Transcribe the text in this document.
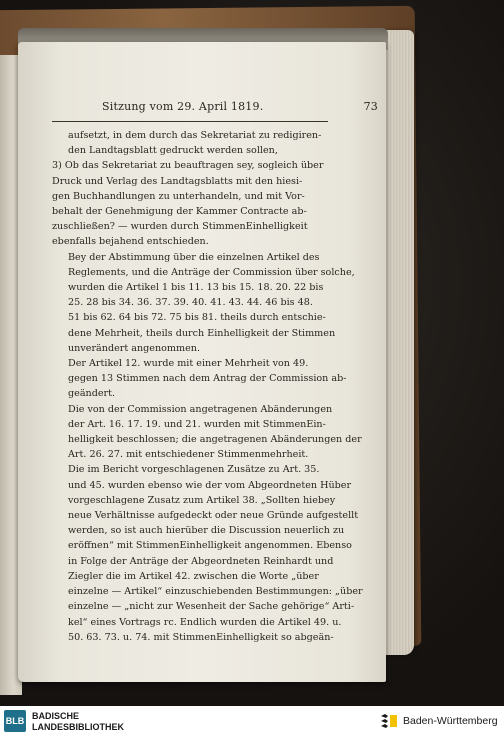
Sitzung vom 29. April 1819.	73

aufsetzt, in dem durch das Sekretariat zu redigiren-
den Landtagsblatt gedruckt werden sollen,

3) Ob das Sekretariat zu beauftragen sey, sogleich über
Druck und Verlag des Landtagsblatts mit den hiesi-
gen Buchhandlungen zu unterhandeln, und mit Vor-
behalt der Genehmigung der Kammer Contracte ab-
zuschließen? — wurden durch StimmenEinhelligkeit
ebenfalls bejahend entschieden.

Bey der Abstimmung über die einzelnen Artikel des
Reglements, und die Anträge der Commission über solche,
wurden die Artikel 1 bis 11. 13 bis 15. 18. 20. 22 bis
25. 28 bis 34. 36. 37. 39. 40. 41. 43. 44. 46 bis 48.
51 bis 62. 64 bis 72. 75 bis 81. theils durch entschie-
dene Mehrheit, theils durch Einhelligkeit der Stimmen
unverändert angenommen.

Der Artikel 12. wurde mit einer Mehrheit von 49.
gegen 13 Stimmen nach dem Antrag der Commission ab-
geändert.

Die von der Commission angetragenen Abänderungen
der Art. 16. 17. 19. und 21. wurden mit StimmenEin-
helligkeit beschlossen; die angetragenen Abänderungen der
Art. 26. 27. mit entschiedener Stimmenmehrheit.

Die im Bericht vorgeschlagenen Zusätze zu Art. 35.
und 45. wurden ebenso wie der vom Abgeordneten Hüber
vorgeschlagene Zusatz zum Artikel 38. „Sollten hiebey
neue Verhältnisse aufgedeckt oder neue Gründe aufgestellt
werden, so ist auch hierüber die Discussion neuerlich zu
eröffnen“ mit StimmenEinhelligkeit angenommen. Ebenso
in Folge der Anträge der Abgeordneten Reinhardt und
Ziegler die im Artikel 42. zwischen die Worte „über
einzelne — Artikel“ einzuschiebenden Bestimmungen: „über
einzelne — „nicht zur Wesenheit der Sache gehörige“ Arti-
kel“ eines Vortrags rc. Endlich wurden die Artikel 49. u.
50. 63. 73. u. 74. mit StimmenEinhelligkeit so abgeän-

BLB BADISCHE
LANDESBIBLIOTHEK	Baden-Württemberg
